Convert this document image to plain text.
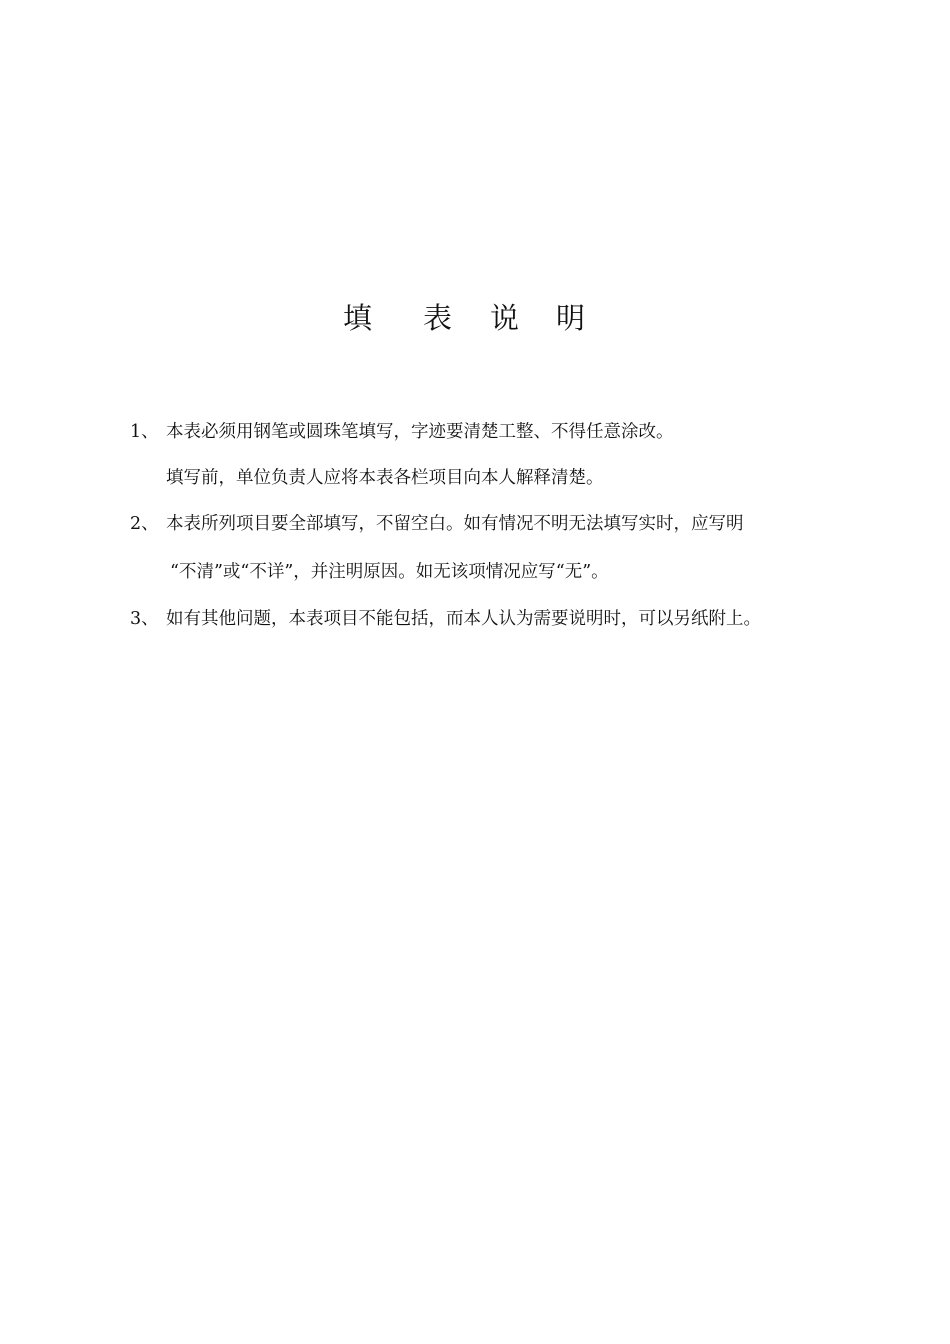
填 表 说 明
1、 本表必须用钢笔或圆珠笔填写，字迹要清楚工整、不得任意涂改。
填写前，单位负责人应将本表各栏项目向本人解释清楚。
2、 本表所列项目要全部填写，不留空白。如有情况不明无法填写实时，应写明
“不清”或“不详”，并注明原因。如无该项情况应写“无”。
3、 如有其他问题，本表项目不能包括，而本人认为需要说明时，可以另纸附上。
